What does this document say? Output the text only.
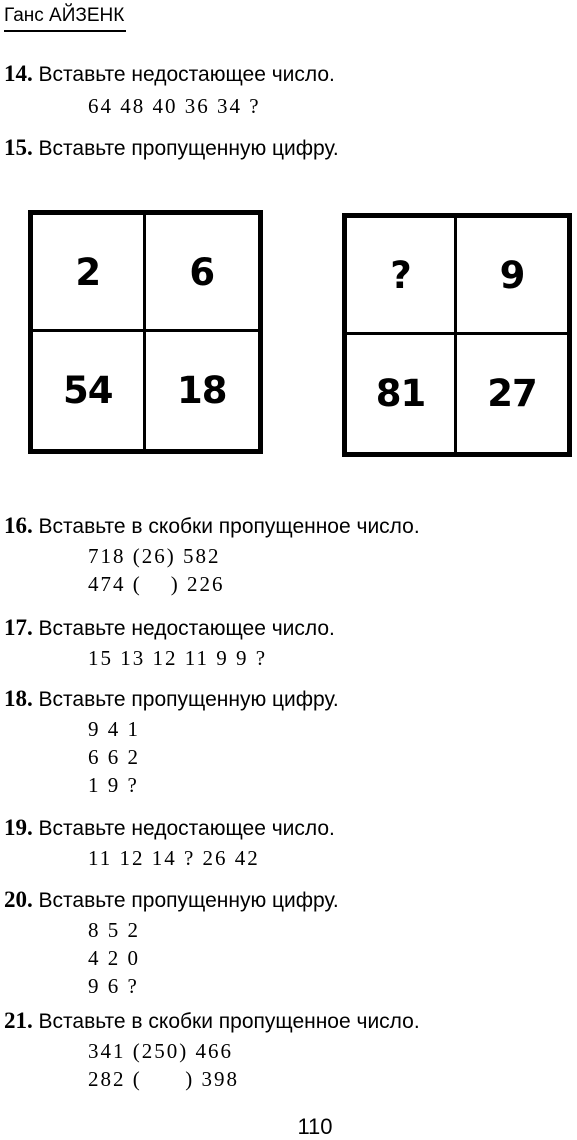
Ганс АЙЗЕНК
14. Вставьте недостающее число.
64 48 40 36 34 ?
15. Вставьте пропущенную цифру.
2	6
54	18
?	9
81	27
16. Вставьте в скобки пропущенное число.
718 (26) 582
474 (    ) 226
17. Вставьте недостающее число.
15 13 12 11 9 9 ?
18. Вставьте пропущенную цифру.
9 4 1
6 6 2
1 9 ?
19. Вставьте недостающее число.
11 12 14 ? 26 42
20. Вставьте пропущенную цифру.
8 5 2
4 2 0
9 6 ?
21. Вставьте в скобки пропущенное число.
341 (250) 466
282 (      ) 398
110
